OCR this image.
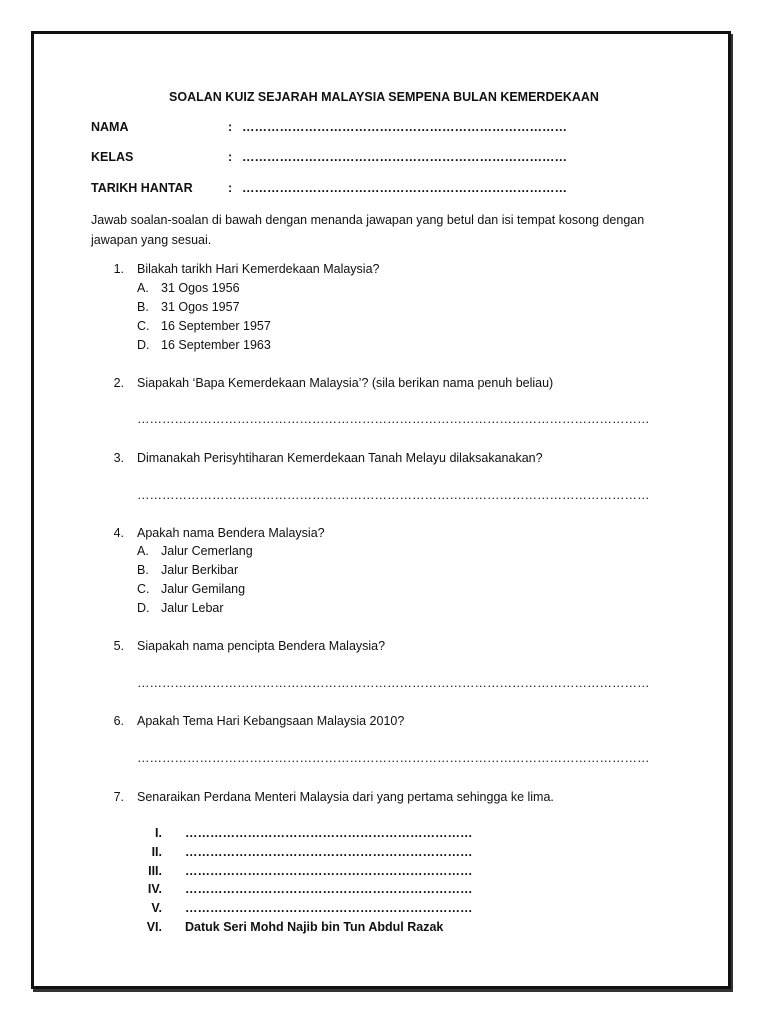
SOALAN KUIZ SEJARAH MALAYSIA SEMPENA BULAN KEMERDEKAAN
NAMA	: ……………………………………………………………………
KELAS	: ……………………………………………………………………
TARIKH HANTAR	: ……………………………………………………………………
Jawab soalan-soalan di bawah dengan menanda jawapan yang betul dan isi tempat kosong dengan jawapan yang sesuai.
1. Bilakah tarikh Hari Kemerdekaan Malaysia?
A. 31 Ogos 1956
B. 31 Ogos 1957
C. 16 September 1957
D. 16 September 1963
2. Siapakah ‘Bapa Kemerdekaan Malaysia’? (sila berikan nama penuh beliau)
……………………………………………………………………………………………………………
3. Dimanakah Perisyhtiharan Kemerdekaan Tanah Melayu dilaksakanakan?
……………………………………………………………………………………………………………
4. Apakah nama Bendera Malaysia?
A. Jalur Cemerlang
B. Jalur Berkibar
C. Jalur Gemilang
D. Jalur Lebar
5. Siapakah nama pencipta Bendera Malaysia?
……………………………………………………………………………………………………………
6. Apakah Tema Hari Kebangsaan Malaysia 2010?
……………………………………………………………………………………………………………
7. Senaraikan Perdana Menteri Malaysia dari yang pertama sehingga ke lima.
I. ……………………………………………………………
II. ……………………………………………………………
III. ……………………………………………………………
IV. ……………………………………………………………
V. ……………………………………………………………
VI. Datuk Seri Mohd Najib bin Tun Abdul Razak
